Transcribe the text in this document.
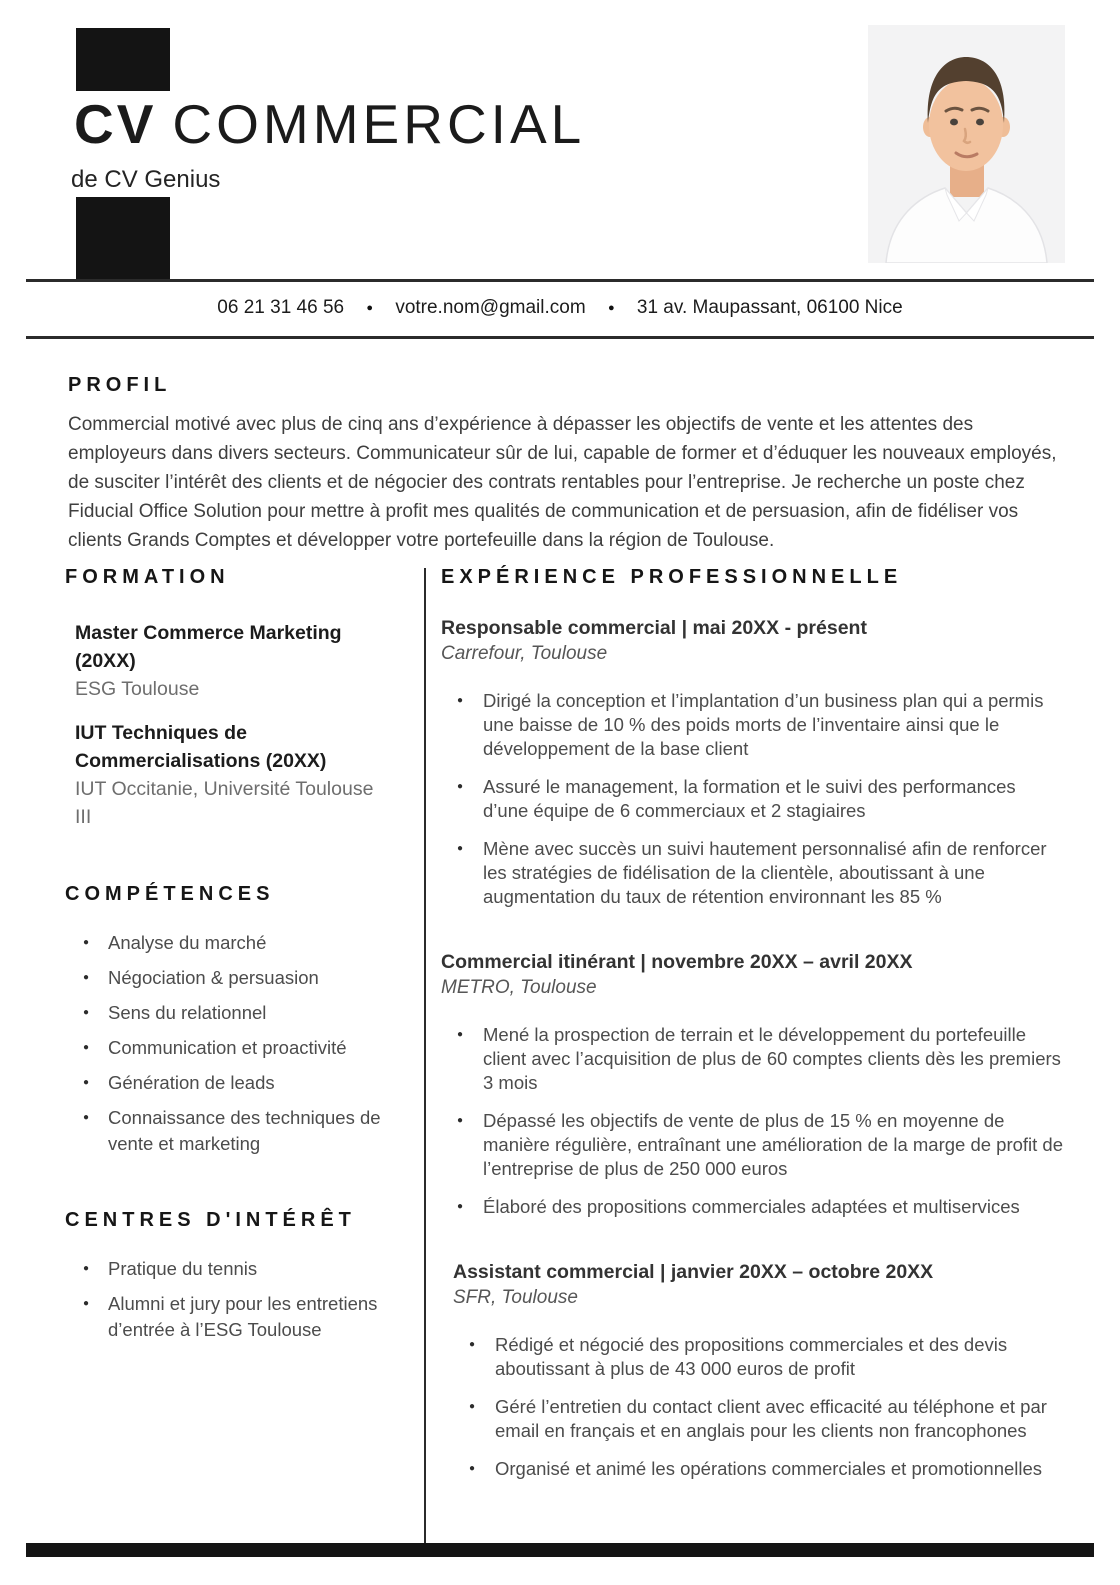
CV COMMERCIAL
de CV Genius
06 21 31 46 56 ● votre.nom@gmail.com ● 31 av. Maupassant, 06100 Nice
PROFIL

Commercial motivé avec plus de cinq ans d’expérience à dépasser les objectifs de vente et les attentes des employeurs dans divers secteurs. Communicateur sûr de lui, capable de former et d’éduquer les nouveaux employés, de susciter l’intérêt des clients et de négocier des contrats rentables pour l’entreprise. Je recherche un poste chez Fiducial Office Solution pour mettre à profit mes qualités de communication et de persuasion, afin de fidéliser vos clients Grands Comptes et développer votre portefeuille dans la région de Toulouse.

FORMATION
Master Commerce Marketing (20XX)
ESG Toulouse
IUT Techniques de Commercialisations (20XX)
IUT Occitanie, Université Toulouse III
COMPÉTENCES
●	Analyse du marché
●	Négociation & persuasion
●	Sens du relationnel
●	Communication et proactivité
●	Génération de leads
●	Connaissance des techniques de vente et marketing
CENTRES D'INTÉRÊT
●	Pratique du tennis
●	Alumni et jury pour les entretiens d’entrée à l’ESG Toulouse
EXPÉRIENCE PROFESSIONNELLE
Responsable commercial | mai 20XX - présent
Carrefour, Toulouse
●	Dirigé la conception et l’implantation d’un business plan qui a permis une baisse de 10 % des poids morts de l’inventaire ainsi que le développement de la base client
●	Assuré le management, la formation et le suivi des performances d’une équipe de 6 commerciaux et 2 stagiaires
●	Mène avec succès un suivi hautement personnalisé afin de renforcer les stratégies de fidélisation de la clientèle, aboutissant à une augmentation du taux de rétention environnant les 85 %
Commercial itinérant | novembre 20XX – avril 20XX
METRO, Toulouse
●	Mené la prospection de terrain et le développement du portefeuille client avec l’acquisition de plus de 60 comptes clients dès les premiers 3 mois
●	Dépassé les objectifs de vente de plus de 15 % en moyenne de manière régulière, entraînant une amélioration de la marge de profit de l’entreprise de plus de 250 000 euros
●	Élaboré des propositions commerciales adaptées et multiservices
Assistant commercial | janvier 20XX – octobre 20XX
SFR, Toulouse
●	Rédigé et négocié des propositions commerciales et des devis aboutissant à plus de 43 000 euros de profit
●	Géré l’entretien du contact client avec efficacité au téléphone et par email en français et en anglais pour les clients non francophones
●	Organisé et animé les opérations commerciales et promotionnelles
